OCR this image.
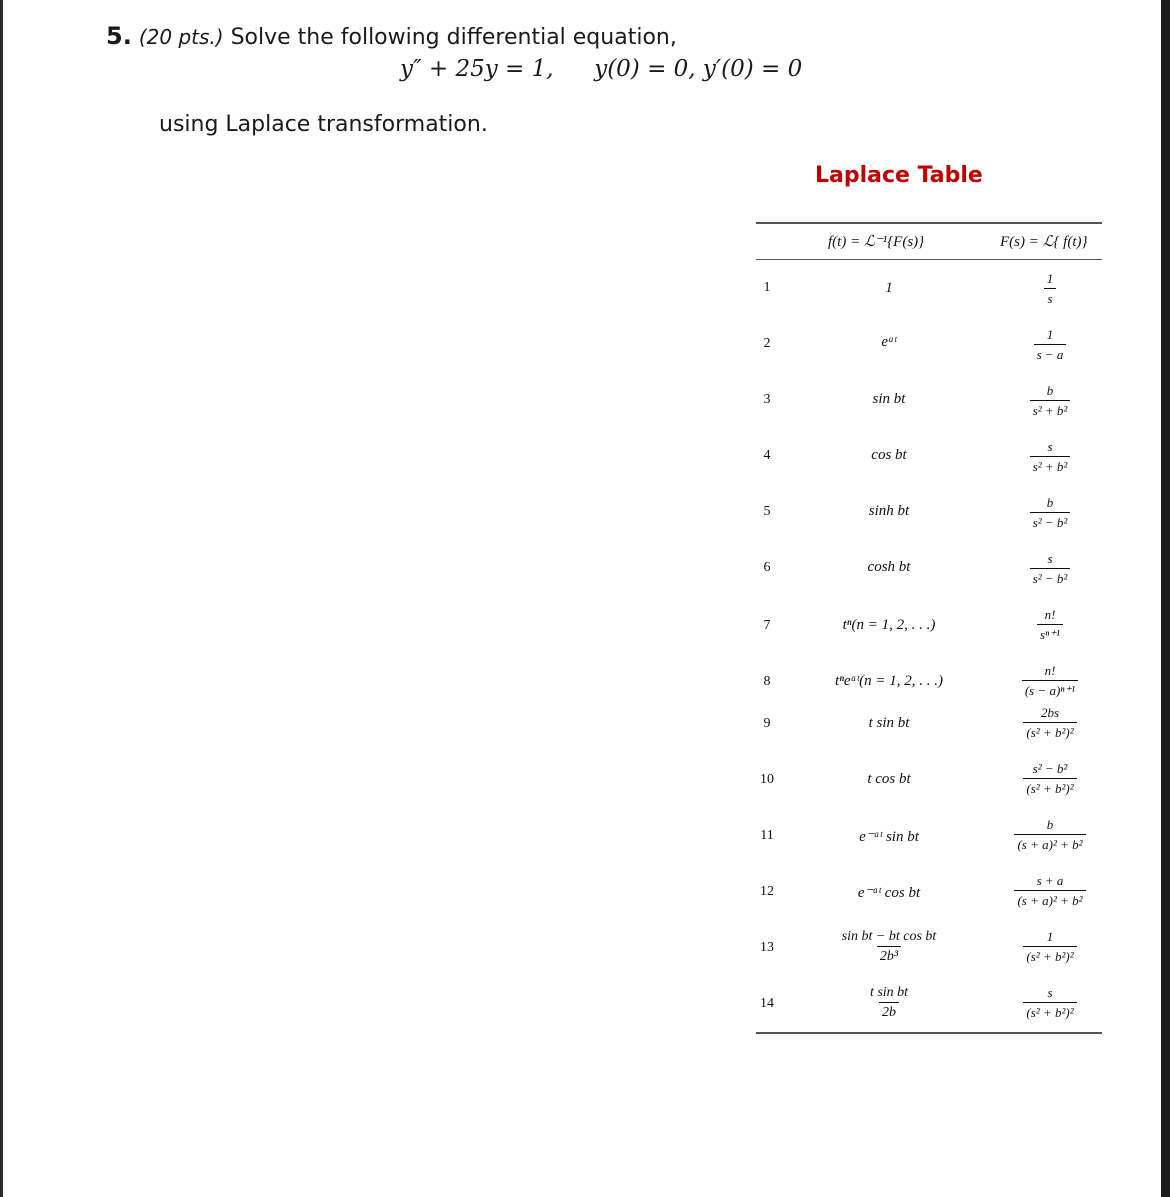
5. (20 pts.) Solve the following differential equation,
y″ + 25y = 1, y(0) = 0, y′(0) = 0
using Laplace transformation.
Laplace Table
f(t) = ℒ⁻¹{F(s)}	F(s) = ℒ{ f(t)}
1	1	$\frac{1}{s}$
2	eᵃᵗ	$\frac{1}{s - a}$
3	sin bt	$\frac{b}{\text{s² + b²}}$
4	cos bt	$\frac{s}{\text{s² + b²}}$
5	sinh bt	$\frac{b}{\text{s² − b²}}$
6	cosh bt	$\frac{s}{\text{s² − b²}}$
7	tⁿ(n = 1, 2, . . .)	$\frac{n!}{\text{sⁿ⁺¹}}$
8	tⁿeᵃᵗ(n = 1, 2, . . .)	$\frac{n!}{\text{(s − a)ⁿ⁺¹}}$
9	t sin bt	$\frac{2bs}{\text{(s² + b²)²}}$
10	t cos bt	$\frac{\text{s² − b²}}{\text{(s² + b²)²}}$
11	e⁻ᵃᵗ sin bt	$\frac{b}{\text{(s + a)² + b²}}$
12	e⁻ᵃᵗ cos bt	$\frac{s + a}{\text{(s + a)² + b²}}$
13	$\frac{\text{sin bt − bt cos bt}}{\text{2b³}}$	$\frac{1}{\text{(s² + b²)²}}$
14	$\frac{\text{t sin bt}}{2b}$	$\frac{s}{\text{(s² + b²)²}}$
